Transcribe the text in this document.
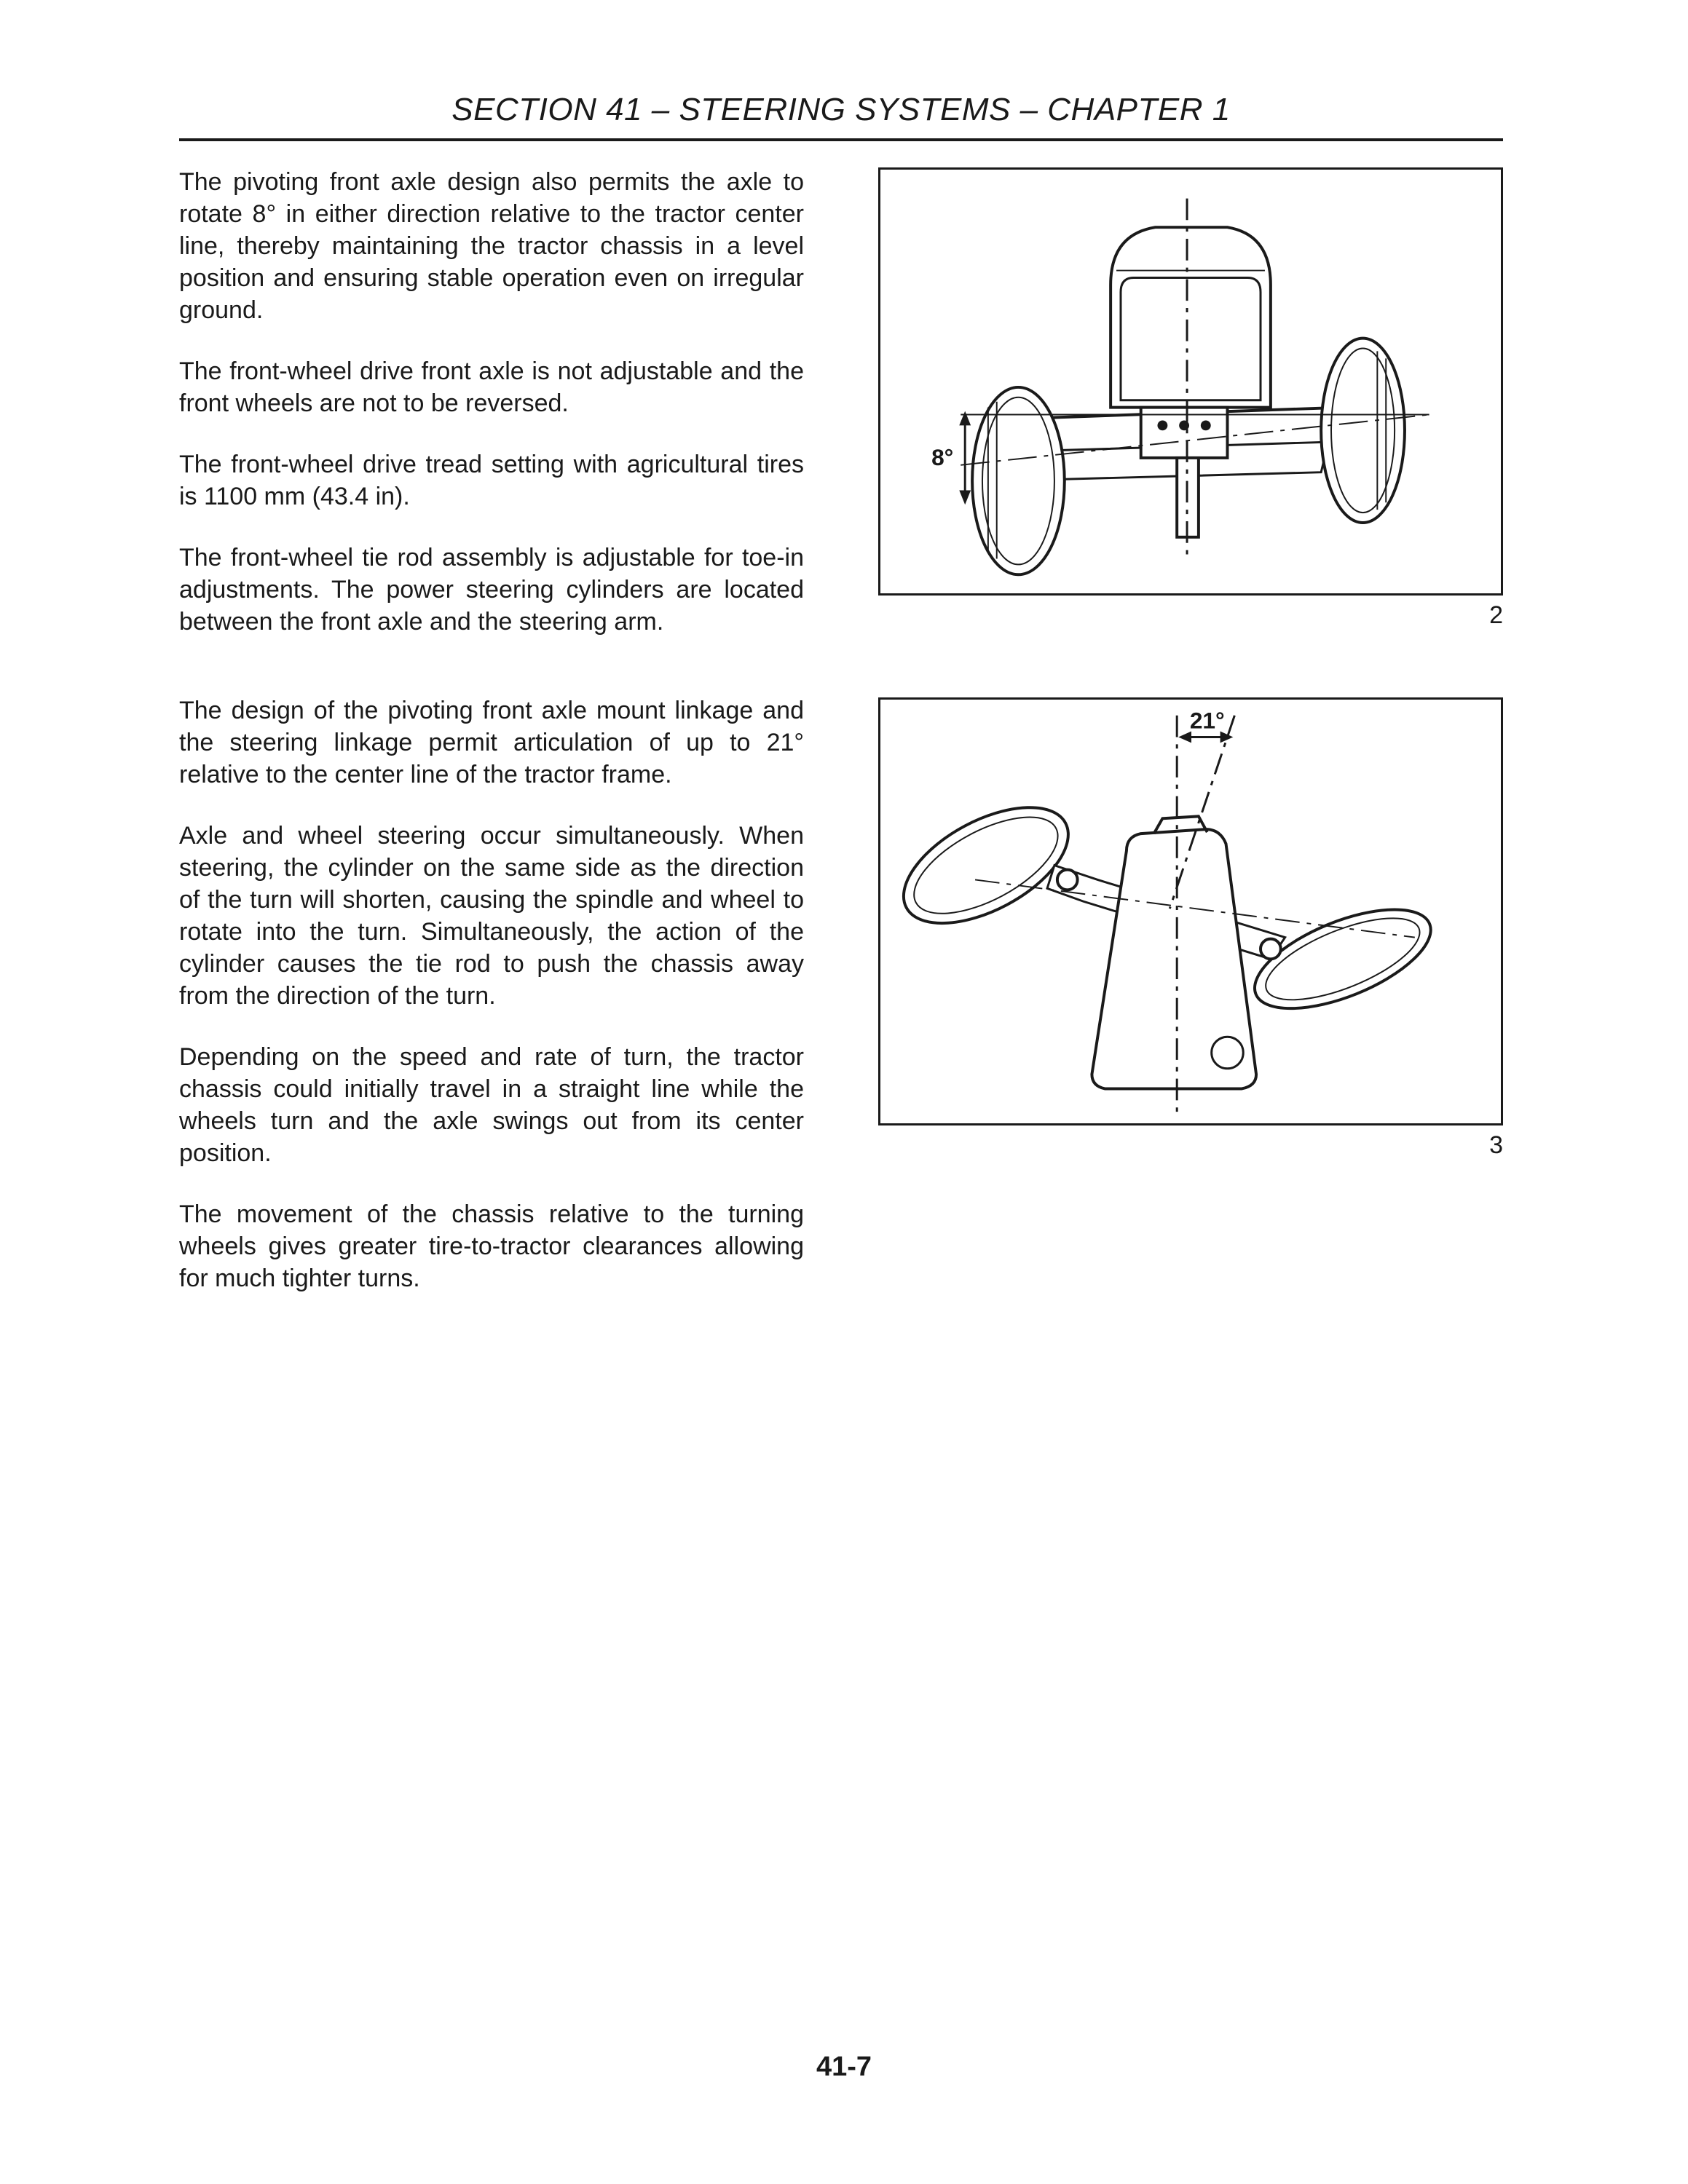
SECTION 41 – STEERING SYSTEMS – CHAPTER 1

The pivoting front axle design also permits the axle to rotate 8° in either direction relative to the tractor center line, thereby maintaining the tractor chassis in a level position and ensuring stable operation even on irregular ground.

The front-wheel drive front axle is not adjustable and the front wheels are not to be reversed.

The front-wheel drive tread setting with agricultural tires is 1100 mm (43.4 in).

The front-wheel tie rod assembly is adjustable for toe-in adjustments. The power steering cylinders are located between the front axle and the steering arm.

8°
2

The design of the pivoting front axle mount linkage and the steering linkage permit articulation of up to 21° relative to the center line of the tractor frame.

Axle and wheel steering occur simultaneously. When steering, the cylinder on the same side as the direction of the turn will shorten, causing the spindle and wheel to rotate into the turn. Simultaneously, the action of the cylinder causes the tie rod to push the chassis away from the direction of the turn.

Depending on the speed and rate of turn, the tractor chassis could initially travel in a straight line while the wheels turn and the axle swings out from its center position.

The movement of the chassis relative to the turning wheels gives greater tire-to-tractor clearances allowing for much tighter turns.

21°
3
41-7
